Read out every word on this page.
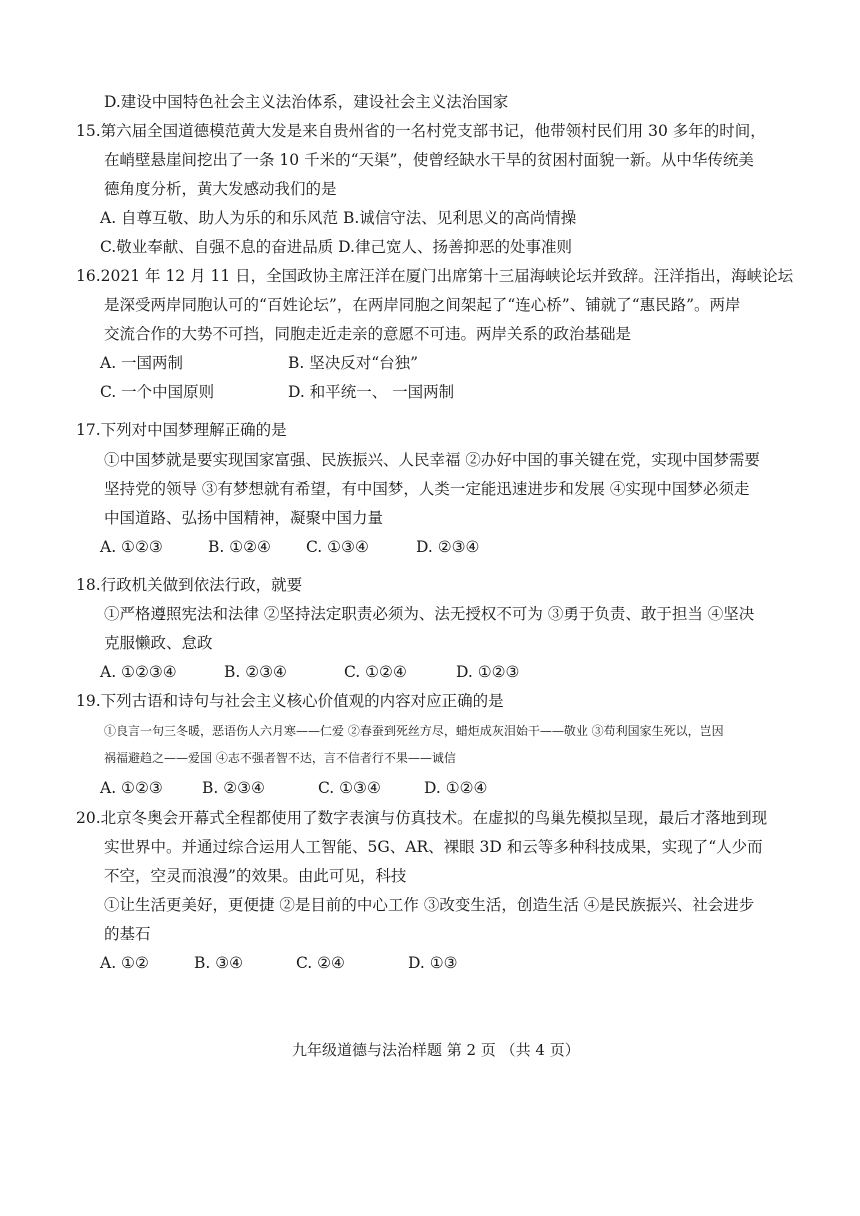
D.建设中国特色社会主义法治体系，建设社会主义法治国家
15.第六届全国道德模范黄大发是来自贵州省的一名村党支部书记，他带领村民们用 30 多年的时间，
在峭壁悬崖间挖出了一条 10 千米的“天渠”，使曾经缺水干旱的贫困村面貌一新。从中华传统美
德角度分析，黄大发感动我们的是
A. 自尊互敬、助人为乐的和乐风范 B.诚信守法、见利思义的高尚情操
C.敬业奉献、自强不息的奋进品质 D.律己宽人、扬善抑恶的处事准则
16.2021 年 12 月 11 日，全国政协主席汪洋在厦门出席第十三届海峡论坛并致辞。汪洋指出，海峡论坛
是深受两岸同胞认可的“百姓论坛”，在两岸同胞之间架起了“连心桥”、铺就了“惠民路”。两岸
交流合作的大势不可挡，同胞走近走亲的意愿不可违。两岸关系的政治基础是
A. 一国两制	B. 坚决反对“台独”
C. 一个中国原则	D. 和平统一、 一国两制
17.下列对中国梦理解正确的是
①中国梦就是要实现国家富强、民族振兴、人民幸福 ②办好中国的事关键在党，实现中国梦需要
坚持党的领导 ③有梦想就有希望，有中国梦，人类一定能迅速进步和发展 ④实现中国梦必须走
中国道路、弘扬中国精神，凝聚中国力量
A. ①②③	B. ①②④ C. ①③④	D. ②③④
18.行政机关做到依法行政，就要
①严格遵照宪法和法律 ②坚持法定职责必须为、法无授权不可为 ③勇于负责、敢于担当 ④坚决
克服懒政、怠政
A. ①②③④	B. ②③④	C. ①②④	D. ①②③
19.下列古语和诗句与社会主义核心价值观的内容对应正确的是
①良言一句三冬暖，恶语伤人六月寒——仁爱 ②春蚕到死丝方尽，蜡炬成灰泪始干——敬业 ③苟利国家生死以，岂因
祸福避趋之——爱国 ④志不强者智不达，言不信者行不果——诚信
A. ①②③	B. ②③④	C. ①③④	D. ①②④
20.北京冬奥会开幕式全程都使用了数字表演与仿真技术。在虚拟的鸟巢先模拟呈现，最后才落地到现
实世界中。并通过综合运用人工智能、5G、AR、裸眼 3D 和云等多种科技成果，实现了“人少而
不空，空灵而浪漫”的效果。由此可见，科技
①让生活更美好，更便捷 ②是目前的中心工作 ③改变生活，创造生活 ④是民族振兴、社会进步
的基石
A. ①②	B. ③④	C. ②④	D. ①③
九年级道德与法治样题 第 2 页 （共 4 页）
